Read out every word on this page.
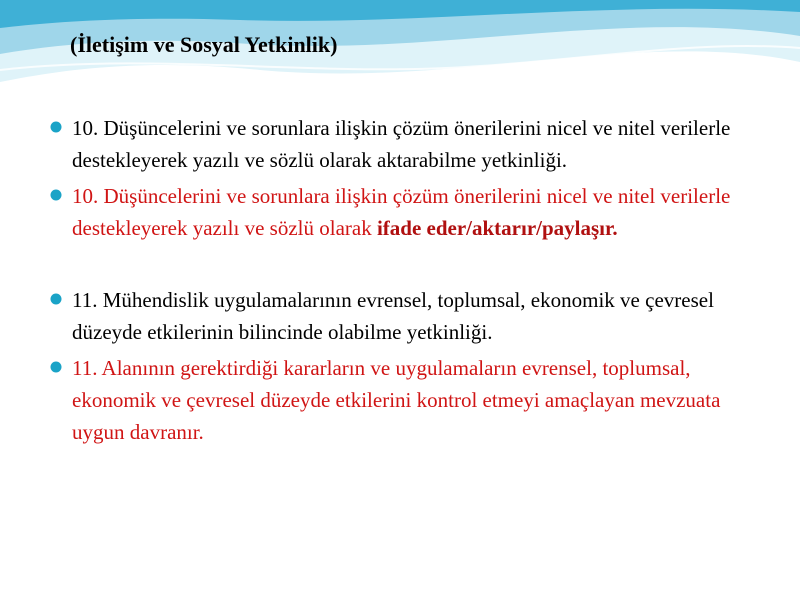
(İletişim ve Sosyal Yetkinlik)
10. Düşüncelerini ve sorunlara ilişkin çözüm önerilerini nicel ve nitel verilerle destekleyerek yazılı ve sözlü olarak aktarabilme yetkinliği.
10. Düşüncelerini ve sorunlara ilişkin çözüm önerilerini nicel ve nitel verilerle destekleyerek yazılı ve sözlü olarak ifade eder/aktarır/paylaşır.
11. Mühendislik uygulamalarının evrensel, toplumsal, ekonomik ve çevresel düzeyde etkilerinin bilincinde olabilme yetkinliği.
11. Alanının gerektirdiği kararların ve uygulamaların evrensel, toplumsal, ekonomik ve çevresel düzeyde etkilerini kontrol etmeyi amaçlayan mevzuata uygun davranır.
